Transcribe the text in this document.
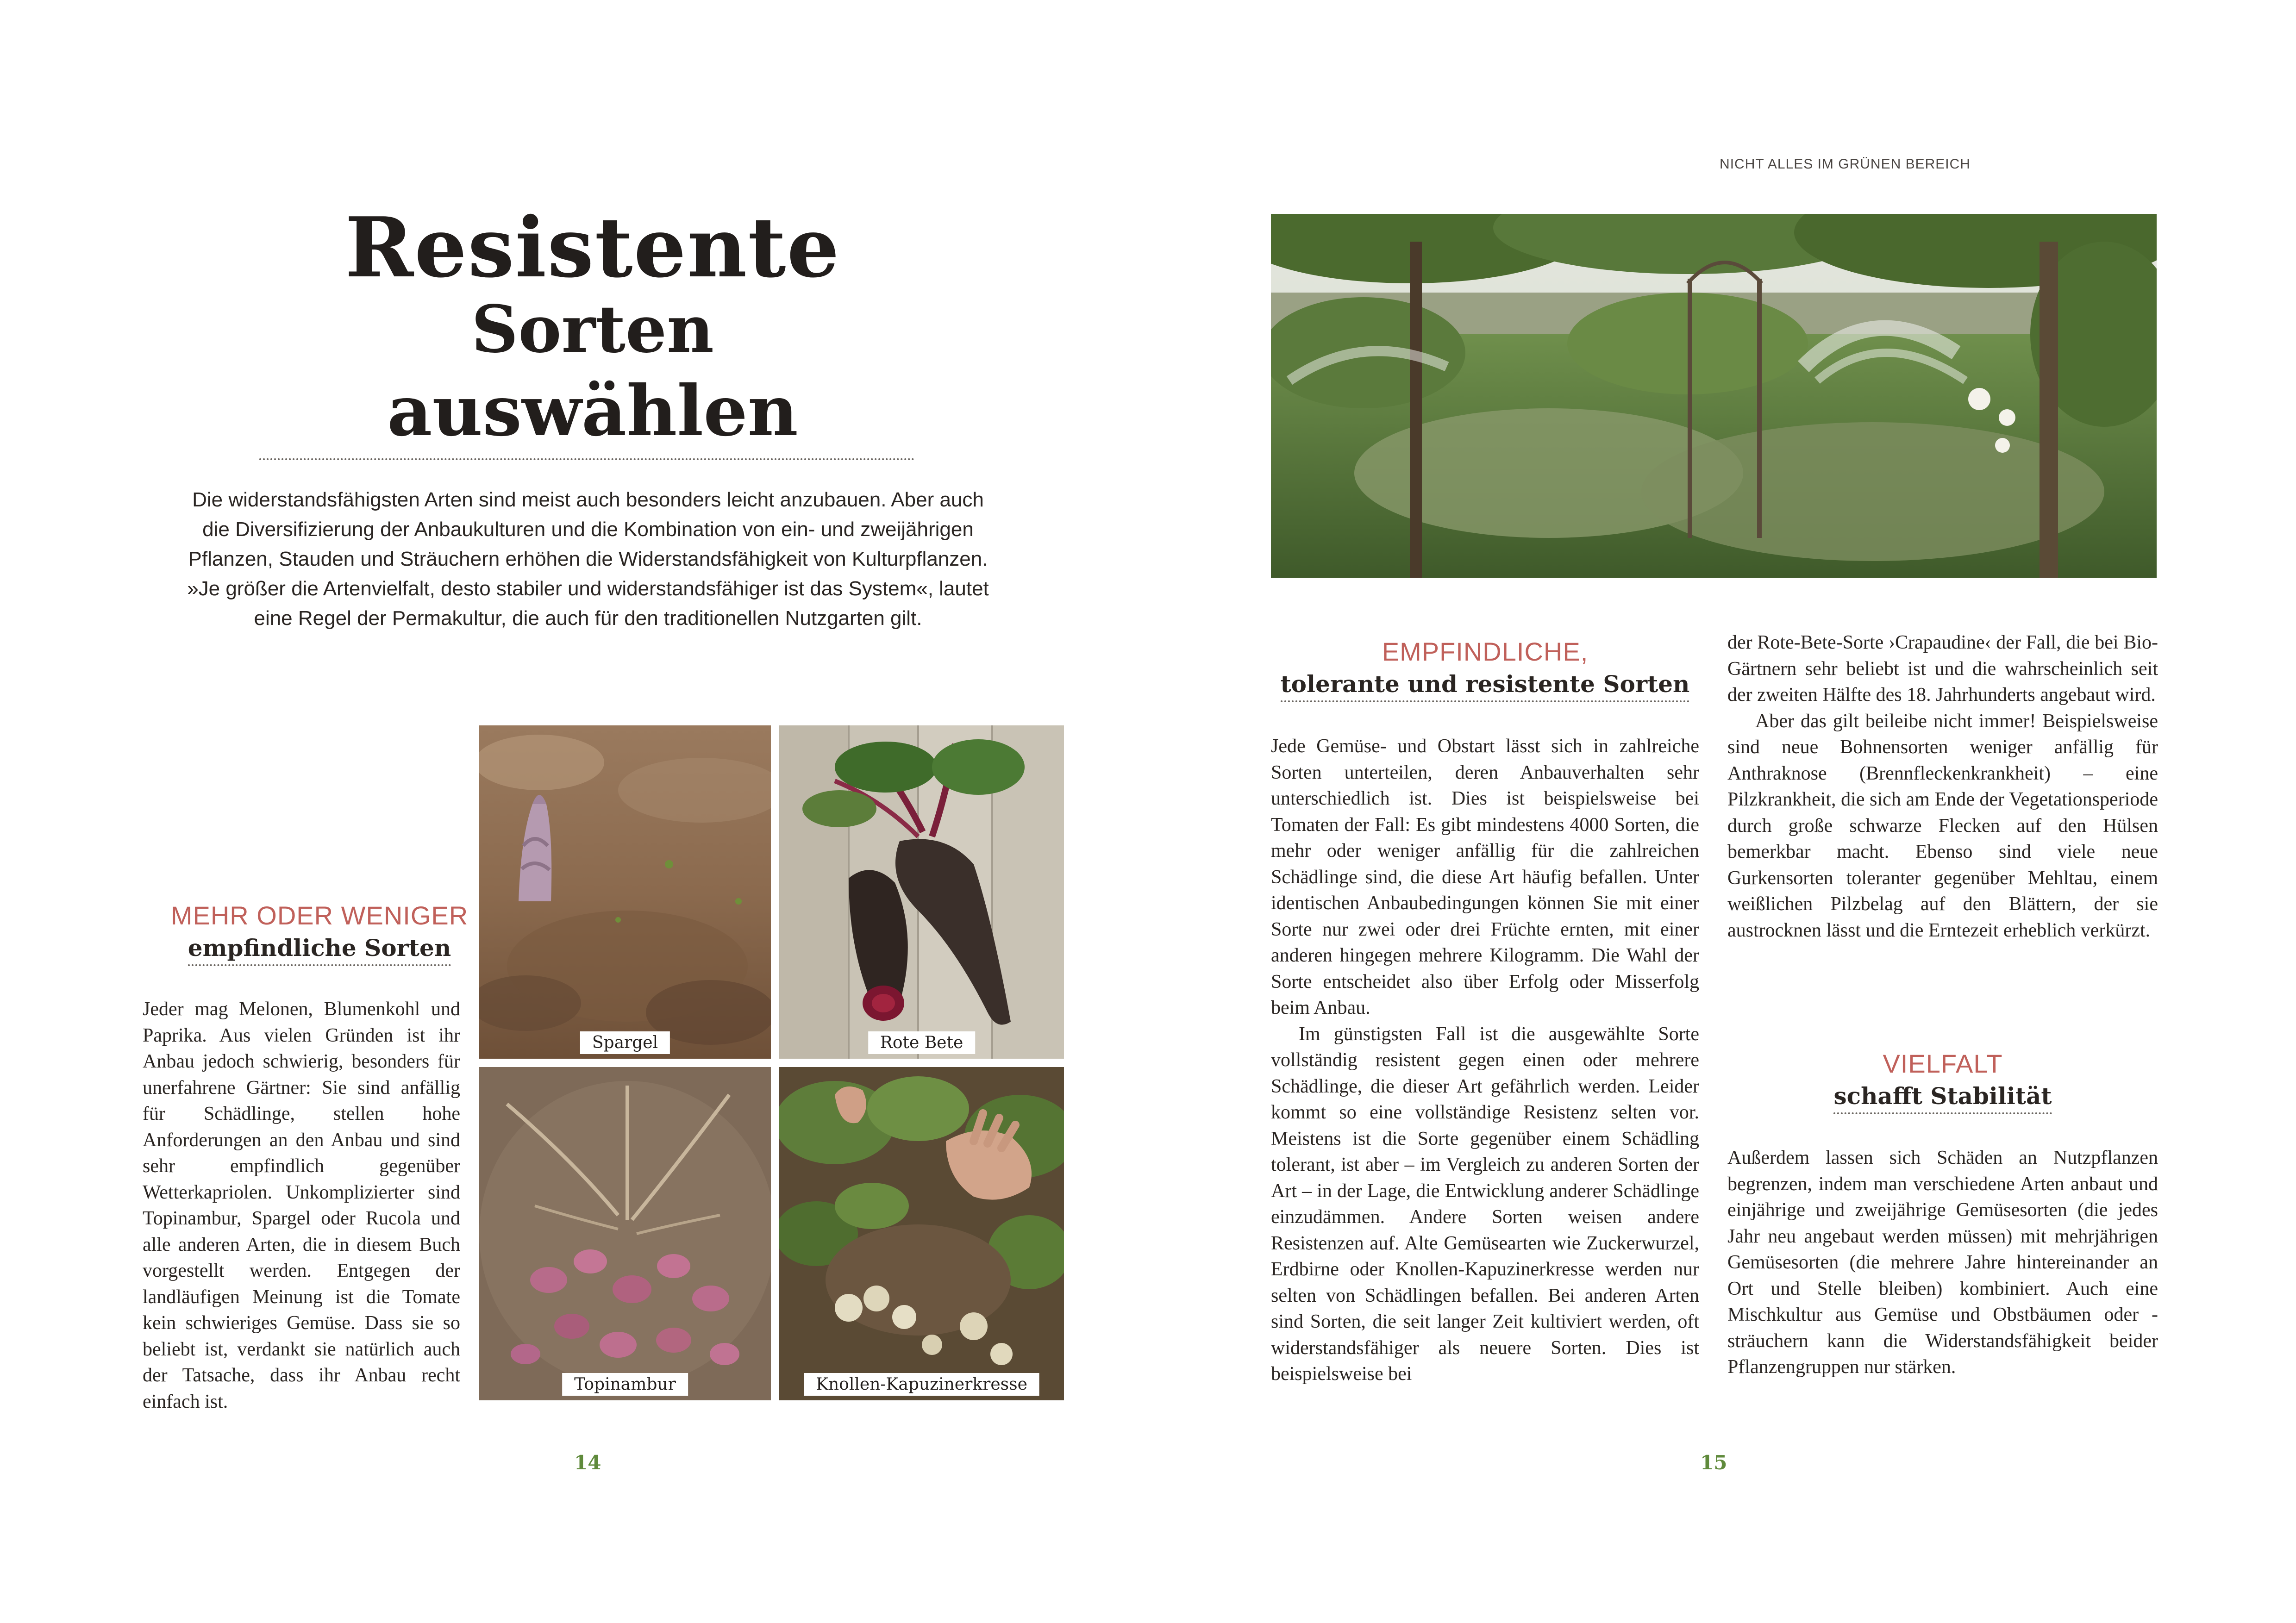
Resistente
Sorten
auswählen
Die widerstandsfähigsten Arten sind meist auch besonders leicht anzubauen. Aber auch die Diversifizierung der Anbaukulturen und die Kombination von ein- und zweijährigen Pflanzen, Stauden und Sträuchern erhöhen die Widerstandsfähigkeit von Kulturpflanzen. »Je größer die Artenvielfalt, desto stabiler und widerstandsfähiger ist das System«, lautet eine Regel der Permakultur, die auch für den traditionellen Nutzgarten gilt.
MEHR ODER WENIGER
empfindliche Sorten

Jeder mag Melonen, Blumenkohl und Paprika. Aus vielen Gründen ist ihr Anbau jedoch schwierig, besonders für unerfahrene Gärtner: Sie sind anfällig für Schädlinge, stellen hohe Anforderungen an den Anbau und sind sehr empfindlich gegenüber Wetterkapriolen. Unkomplizierter sind Topinambur, Spargel oder Rucola und alle anderen Arten, die in diesem Buch vorgestellt werden. Entgegen der landläufigen Meinung ist die Tomate kein schwieriges Gemüse. Dass sie so beliebt ist, verdankt sie natürlich auch der Tatsache, dass ihr Anbau recht einfach ist.

Spargel	Rote Bete
Topinambur	Knollen-Kapuzinerkresse
14
NICHT ALLES IM GRÜNEN BEREICH
EMPFINDLICHE,
tolerante und resistente Sorten

Jede Gemüse- und Obstart lässt sich in zahlreiche Sorten unterteilen, deren Anbauverhalten sehr unterschiedlich ist. Dies ist beispielsweise bei Tomaten der Fall: Es gibt mindestens 4000 Sorten, die mehr oder weniger anfällig für die zahlreichen Schädlinge sind, die diese Art häufig befallen. Unter identischen Anbaubedingungen können Sie mit einer Sorte nur zwei oder drei Früchte ernten, mit einer anderen hingegen mehrere Kilogramm. Die Wahl der Sorte entscheidet also über Erfolg oder Misserfolg beim Anbau.

Im günstigsten Fall ist die ausgewählte Sorte vollständig resistent gegen einen oder mehrere Schädlinge, die dieser Art gefährlich werden. Leider kommt so eine vollständige Resistenz selten vor. Meistens ist die Sorte gegenüber einem Schädling tolerant, ist aber – im Vergleich zu anderen Sorten der Art – in der Lage, die Entwicklung anderer Schädlinge einzudämmen. Andere Sorten weisen andere Resistenzen auf. Alte Gemüsearten wie Zuckerwurzel, Erdbirne oder Knollen-Kapuzinerkresse werden nur selten von Schädlingen befallen. Bei anderen Arten sind Sorten, die seit langer Zeit kultiviert werden, oft widerstandsfähiger als neuere Sorten. Dies ist beispielsweise bei

der Rote-Bete-Sorte ›Crapaudine‹ der Fall, die bei Bio-Gärtnern sehr beliebt ist und die wahrscheinlich seit der zweiten Hälfte des 18. Jahrhunderts angebaut wird.

Aber das gilt beileibe nicht immer! Beispielsweise sind neue Bohnensorten weniger anfällig für Anthraknose (Brennfleckenkrankheit) – eine Pilzkrankheit, die sich am Ende der Vegetationsperiode durch große schwarze Flecken auf den Hülsen bemerkbar macht. Ebenso sind viele neue Gurkensorten toleranter gegenüber Mehltau, einem weißlichen Pilzbelag auf den Blättern, der sie austrocknen lässt und die Erntezeit erheblich verkürzt.

VIELFALT
schafft Stabilität

Außerdem lassen sich Schäden an Nutzpflanzen begrenzen, indem man verschiedene Arten anbaut und einjährige und zweijährige Gemüsesorten (die jedes Jahr neu angebaut werden müssen) mit mehrjährigen Gemüsesorten (die mehrere Jahre hintereinander an Ort und Stelle bleiben) kombiniert. Auch eine Mischkultur aus Gemüse und Obstbäumen oder -sträuchern kann die Widerstandsfähigkeit beider Pflanzengruppen nur stärken.

15
